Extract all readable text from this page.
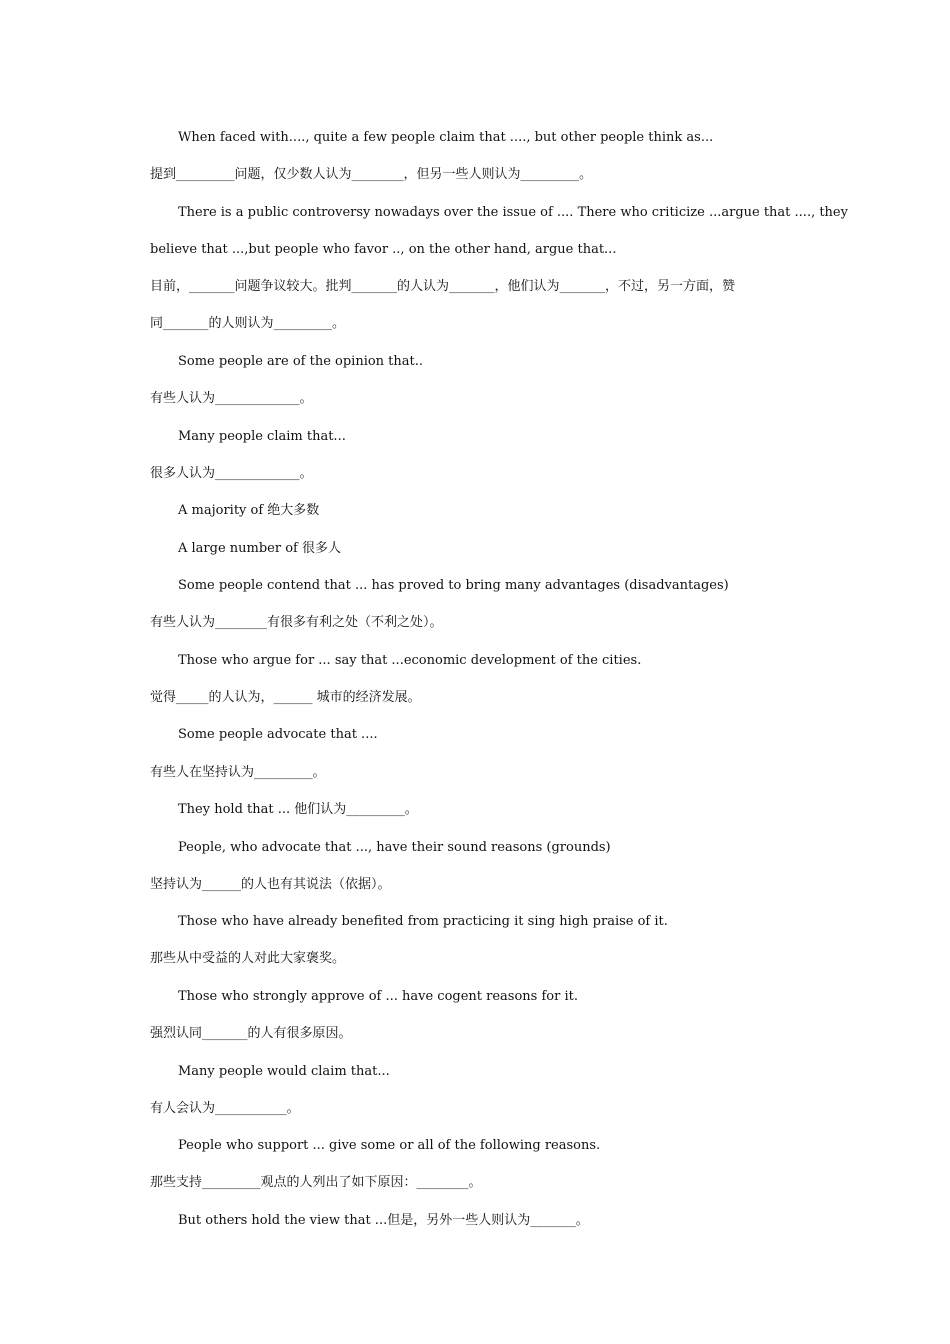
When faced with...., quite a few people claim that ...., but other people think as...
提到_________问题，仅少数人认为________，但另一些人则认为_________。
There is a public controversy nowadays over the issue of .... There who criticize ...argue that ...., they
believe that ...,but people who favor .., on the other hand, argue that...
目前，_______问题争议较大。批判_______的人认为_______，他们认为_______，不过，另一方面，赞
同_______的人则认为_________。
Some people are of the opinion that..
有些人认为_____________。
Many people claim that...
很多人认为_____________。
A majority of 绝大多数
A large number of 很多人
Some people contend that ... has proved to bring many advantages (disadvantages)
有些人认为________有很多有利之处（不利之处）。
Those who argue for ... say that ...economic development of the cities.
觉得_____的人认为，______ 城市的经济发展。
Some people advocate that ....
有些人在坚持认为_________。
They hold that ... 他们认为_________。
People, who advocate that ..., have their sound reasons (grounds)
坚持认为______的人也有其说法（依据）。
Those who have already benefited from practicing it sing high praise of it.
那些从中受益的人对此大家褒奖。
Those who strongly approve of ... have cogent reasons for it.
强烈认同_______的人有很多原因。
Many people would claim that...
有人会认为___________。
People who support ... give some or all of the following reasons.
那些支持_________观点的人列出了如下原因：________。
But others hold the view that ...但是，另外一些人则认为_______。
